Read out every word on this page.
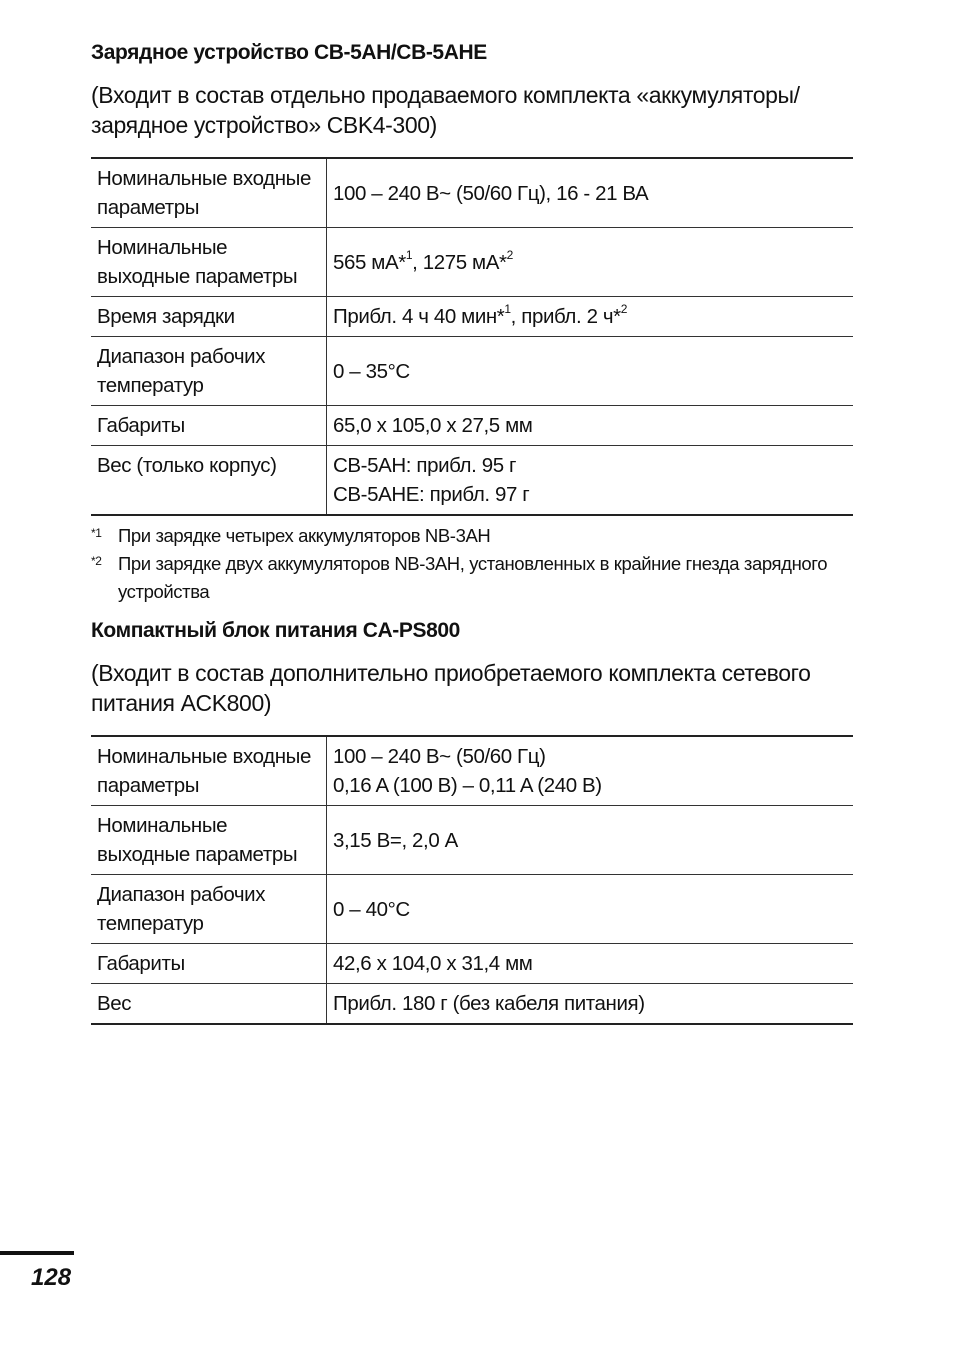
Зарядное устройство CB-5AH/CB-5AHE
(Входит в состав отдельно продаваемого комплекта «аккумуляторы/зарядное устройство» CBK4-300)
Номинальные входные параметры	100 – 240 В~ (50/60 Гц), 16 - 21 ВА
Номинальные выходные параметры	565 мА*$^1$, 1275 мА*$^2$
Время зарядки	Прибл. 4 ч 40 мин*$^1$, прибл. 2 ч*$^2$
Диапазон рабочих температур	0 – 35°C
Габариты	65,0 x 105,0 x 27,5 мм
Вес (только корпус)	CB-5AH: прибл. 95 г
CB-5AHE: прибл. 97 г
*1 При зарядке четырех аккумуляторов NB-3AH
*2 При зарядке двух аккумуляторов NB-3AH, установленных в крайние гнезда зарядного устройства
Компактный блок питания CA-PS800
(Входит в состав дополнительно приобретаемого комплекта сетевого питания ACK800)
Номинальные входные параметры	100 – 240 В~ (50/60 Гц)
0,16 A (100 В) – 0,11 A (240 В)

Номинальные выходные параметры	3,15 В=, 2,0 A
Диапазон рабочих температур	0 – 40°C
Габариты	42,6 x 104,0 x 31,4 мм
Вес	Прибл. 180 г (без кабеля питания)
128
